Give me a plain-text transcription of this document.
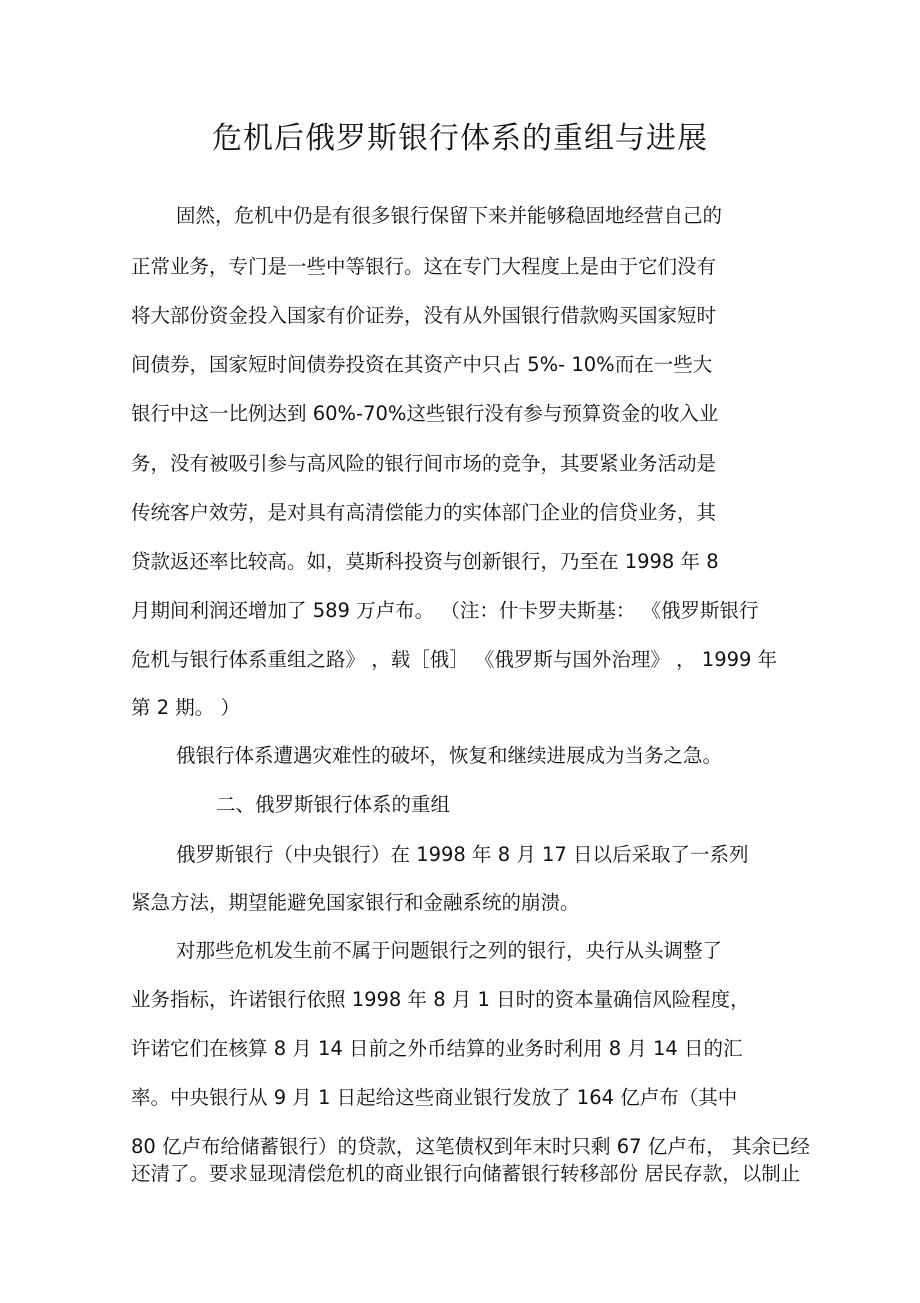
危机后俄罗斯银行体系的重组与进展
固然，危机中仍是有很多银行保留下来并能够稳固地经营自己的
正常业务，专门是一些中等银行。这在专门大程度上是由于它们没有
将大部份资金投入国家有价证券，没有从外国银行借款购买国家短时
间债券，国家短时间债券投资在其资产中只占 5%- 10%而在一些大
银行中这一比例达到 60%-70%这些银行没有参与预算资金的收入业
务，没有被吸引参与高风险的银行间市场的竞争，其要紧业务活动是
传统客户效劳，是对具有高清偿能力的实体部门企业的信贷业务，其
贷款返还率比较高。如，莫斯科投资与创新银行，乃至在 1998 年 8
月期间利润还增加了 589 万卢布。 （注：什卡罗夫斯基： 《俄罗斯银行
危机与银行体系重组之路》 ，载［俄］ 《俄罗斯与国外治理》 ， 1999 年
第 2 期。 ）
俄银行体系遭遇灾难性的破坏，恢复和继续进展成为当务之急。
二、俄罗斯银行体系的重组
俄罗斯银行（中央银行）在 1998 年 8 月 17 日以后采取了一系列
紧急方法，期望能避免国家银行和金融系统的崩溃。
对那些危机发生前不属于问题银行之列的银行，央行从头调整了
业务指标，许诺银行依照 1998 年 8 月 1 日时的资本量确信风险程度，
许诺它们在核算 8 月 14 日前之外币结算的业务时利用 8 月 14 日的汇
率。中央银行从 9 月 1 日起给这些商业银行发放了 164 亿卢布（其中
80 亿卢布给储蓄银行）的贷款，这笔债权到年末时只剩 67 亿卢布， 其余已经
还清了。要求显现清偿危机的商业银行向储蓄银行转移部份 居民存款，以制止
